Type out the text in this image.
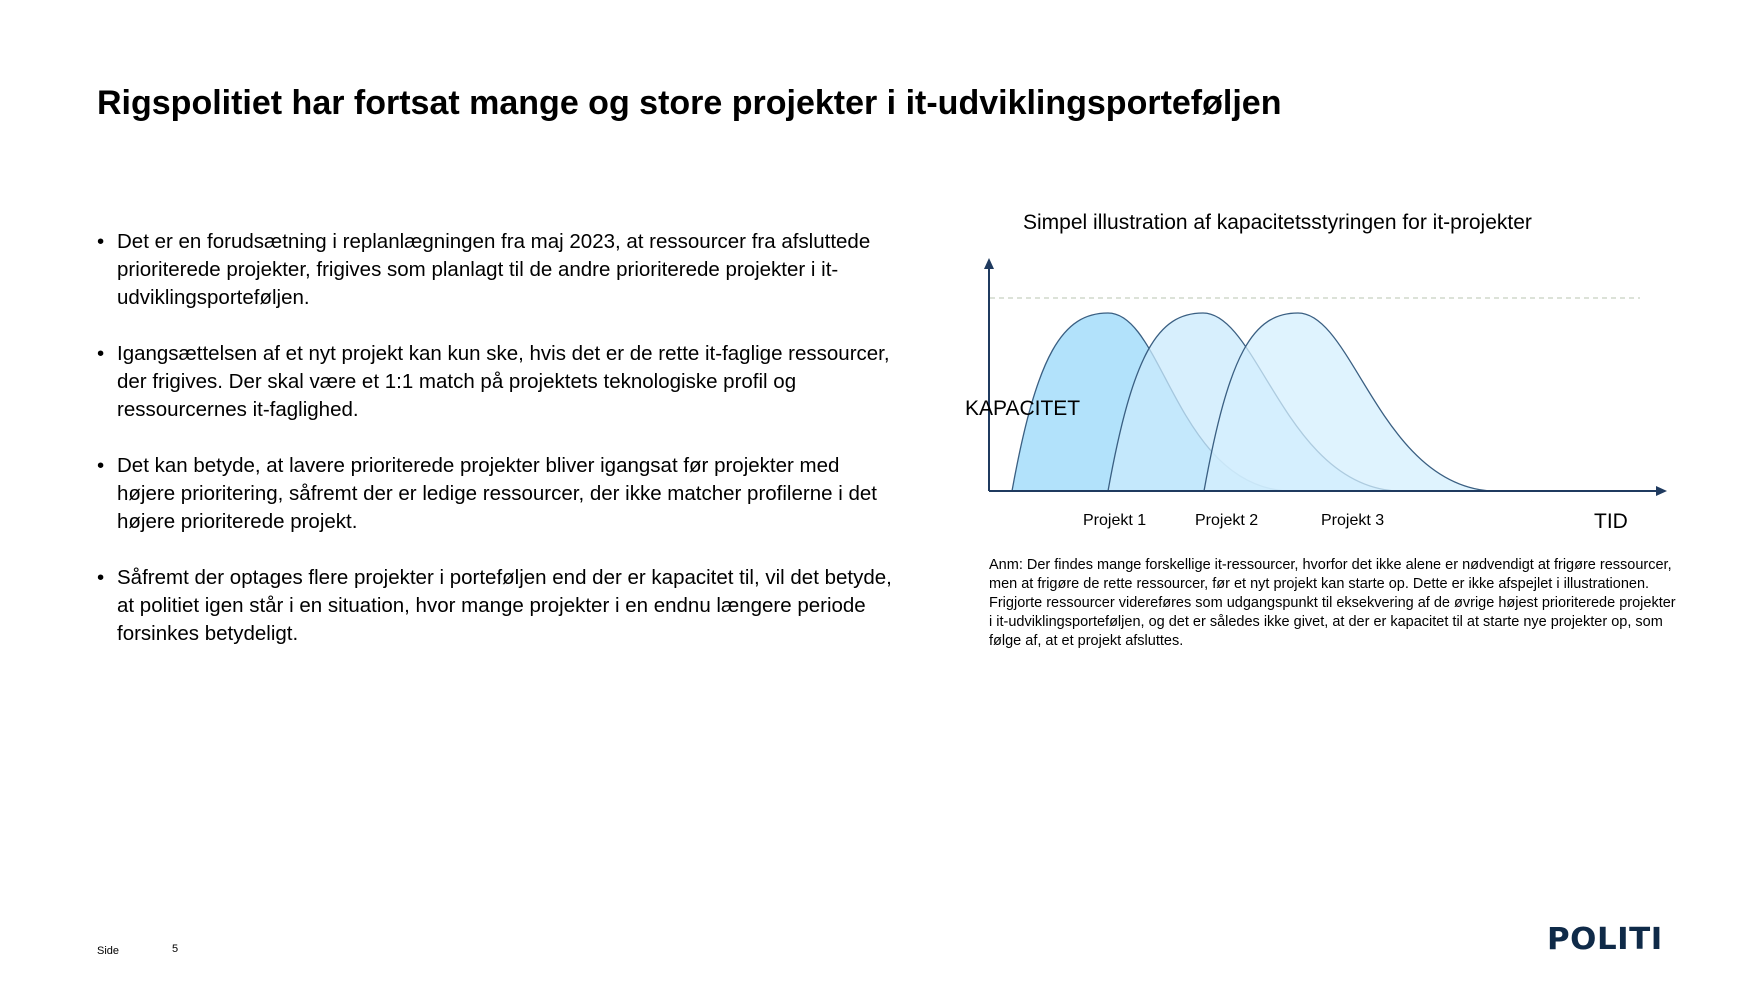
Rigspolitiet har fortsat mange og store projekter i it-udviklingsporteføljen
• Det er en forudsætning i replanlægningen fra maj 2023, at ressourcer fra afsluttede prioriterede projekter, frigives som planlagt til de andre prioriterede projekter i it-udviklingsporteføljen.
• Igangsættelsen af et nyt projekt kan kun ske, hvis det er de rette it-faglige ressourcer, der frigives. Der skal være et 1:1 match på projektets teknologiske profil og ressourcernes it-faglighed.
• Det kan betyde, at lavere prioriterede projekter bliver igangsat før projekter med højere prioritering, såfremt der er ledige ressourcer, der ikke matcher profilerne i det højere prioriterede projekt.
• Såfremt der optages flere projekter i porteføljen end der er kapacitet til, vil det betyde, at politiet igen står i en situation, hvor mange projekter i en endnu længere periode forsinkes betydeligt.
Simpel illustration af kapacitetsstyringen for it-projekter
KAPACITET
TID
Projekt 1	Projekt 2	Projekt 3
Anm: Der findes mange forskellige it-ressourcer, hvorfor det ikke alene er nødvendigt at frigøre ressourcer, men at frigøre de rette ressourcer, før et nyt projekt kan starte op. Dette er ikke afspejlet i illustrationen. Frigjorte ressourcer videreføres som udgangspunkt til eksekvering af de øvrige højest prioriterede projekter i it-udviklingsporteføljen, og det er således ikke givet, at der er kapacitet til at starte nye projekter op, som følge af, at et projekt afsluttes.
Side	5	POLITI
